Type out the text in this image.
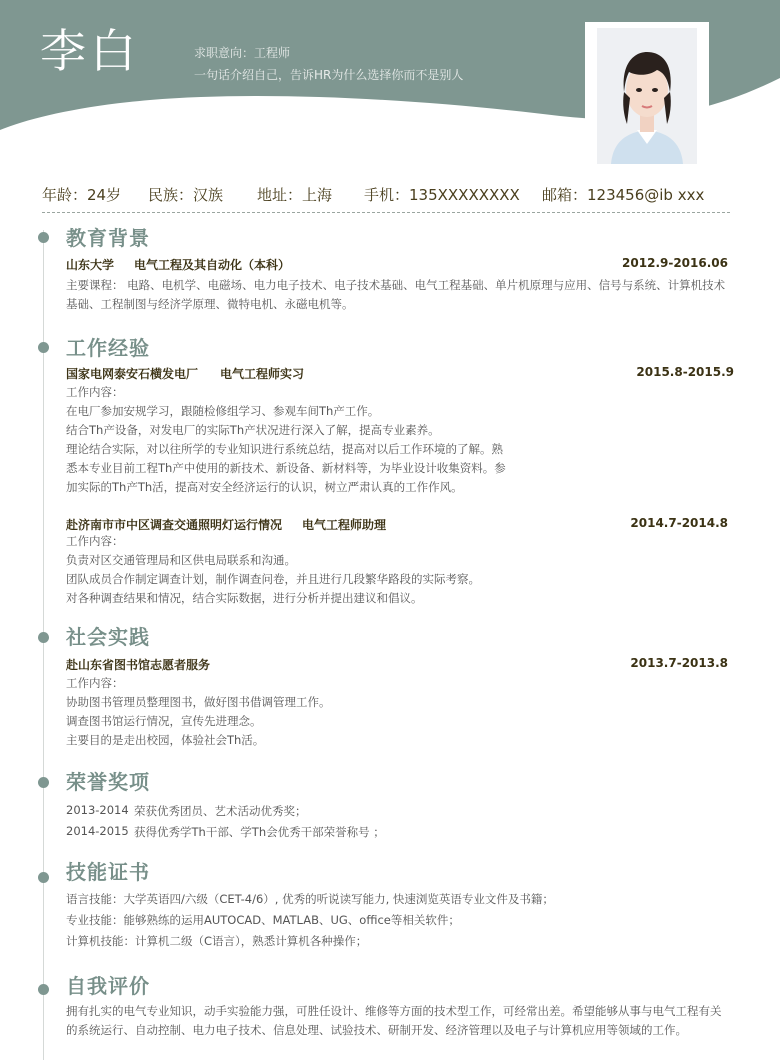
李白	求职意向：工程师
一句话介绍自己，告诉HR为什么选择你而不是别人
年龄：24岁 民族：汉族 地址：上海 手机：135XXXXXXXX 邮箱：123456@ib xxx
教育背景
山东大学 电气工程及其自动化（本科）	2012.9-2016.06
主要课程： 电路、电机学、电磁场、电力电子技术、电子技术基础、电气工程基础、单片机原理与应用、信号与系统、计算机技术基础、工程制图与经济学原理、微特电机、永磁电机等。
工作经验
国家电网泰安石横发电厂 电气工程师实习	2015.8-2015.9
工作内容：
在电厂参加安规学习，跟随检修组学习、参观车间Th产工作。
结合Th产设备，对发电厂的实际Th产状况进行深入了解，提高专业素养。
理论结合实际，对以往所学的专业知识进行系统总结，提高对以后工作环境的了解。熟
悉本专业目前工程Th产中使用的新技术、新设备、新材料等，为毕业设计收集资料。参
加实际的Th产Th活，提高对安全经济运行的认识，树立严肃认真的工作作风。
赴济南市市中区调查交通照明灯运行情况 电气工程师助理	2014.7-2014.8
工作内容：
负责对区交通管理局和区供电局联系和沟通。
团队成员合作制定调查计划，制作调查问卷，并且进行几段繁华路段的实际考察。
对各种调查结果和情况，结合实际数据，进行分析并提出建议和倡议。
社会实践
赴山东省图书馆志愿者服务	2013.7-2013.8
工作内容：
协助图书管理员整理图书，做好图书借调管理工作。
调查图书馆运行情况，宣传先进理念。
主要目的是走出校园，体验社会Th活。
荣誉奖项
2013-2014 荣获优秀团员、艺术活动优秀奖；
2014-2015 获得优秀学Th干部、学Th会优秀干部荣誉称号 ；
技能证书
语言技能：大学英语四/六级（CET-4/6）, 优秀的听说读写能力, 快速浏览英语专业文件及书籍；
专业技能：能够熟练的运用AUTOCAD、MATLAB、UG、office等相关软件；
计算机技能：计算机二级（C语言），熟悉计算机各种操作；
自我评价
拥有扎实的电气专业知识，动手实验能力强，可胜任设计、维修等方面的技术型工作，可经常出差。希望能够从事与电气工程有关的系统运行、自动控制、电力电子技术、信息处理、试验技术、研制开发、经济管理以及电子与计算机应用等领域的工作。
